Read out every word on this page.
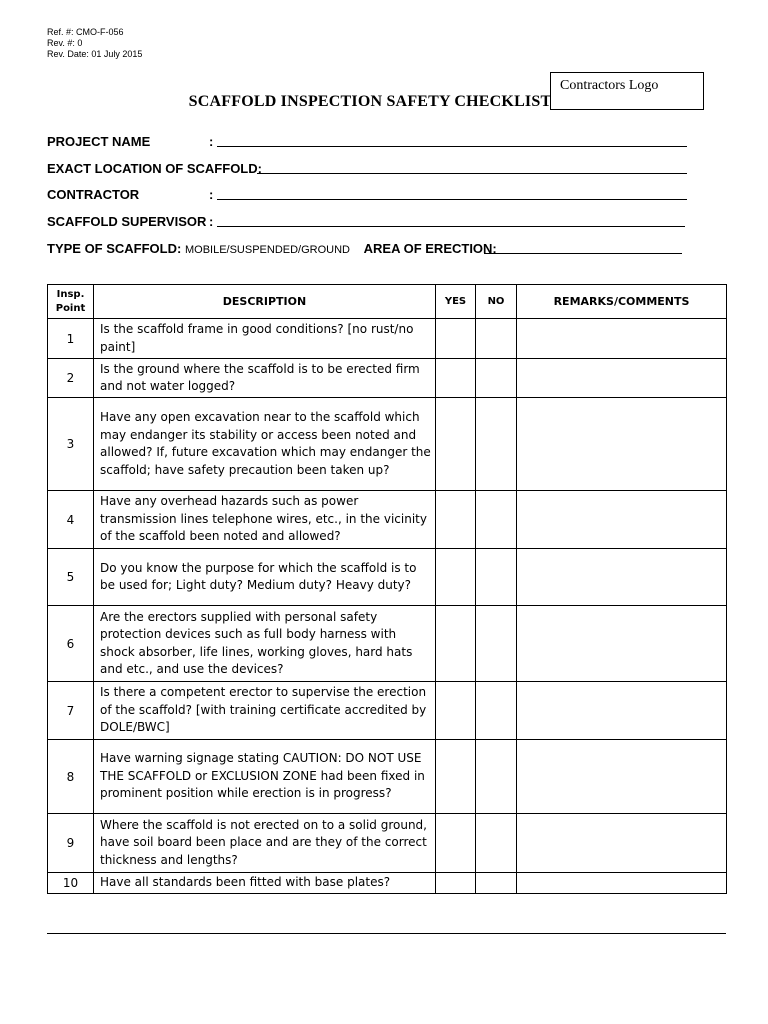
Ref. #: CMO-F-056
Rev. #: 0
Rev. Date: 01 July 2015
Contractors Logo
SCAFFOLD INSPECTION SAFETY CHECKLIST
PROJECT NAME	:
EXACT LOCATION OF SCAFFOLD:
CONTRACTOR	:
SCAFFOLD SUPERVISOR :
TYPE OF SCAFFOLD: MOBILE/SUSPENDED/GROUND AREA OF ERECTION:
Insp.
Point	DESCRIPTION	YES	NO	REMARKS/COMMENTS
1	Is the scaffold frame in good conditions? [no rust/no paint]			
2	Is the ground where the scaffold is to be erected firm and not water logged?			
3	Have any open excavation near to the scaffold which may endanger its stability or access been noted and allowed? If, future excavation which may endanger the scaffold; have safety precaution been taken up?			
4	Have any overhead hazards such as power transmission lines telephone wires, etc., in the vicinity of the scaffold been noted and allowed?			
5	Do you know the purpose for which the scaffold is to be used for; Light duty? Medium duty? Heavy duty?			
6	Are the erectors supplied with personal safety protection devices such as full body harness with shock absorber, life lines, working gloves, hard hats and etc., and use the devices?			
7	Is there a competent erector to supervise the erection of the scaffold? [with training certificate accredited by DOLE/BWC]			
8	Have warning signage stating CAUTION: DO NOT USE THE SCAFFOLD or EXCLUSION ZONE had been fixed in prominent position while erection is in progress?			
9	Where the scaffold is not erected on to a solid ground, have soil board been place and are they of the correct thickness and lengths?			
10	Have all standards been fitted with base plates?			
